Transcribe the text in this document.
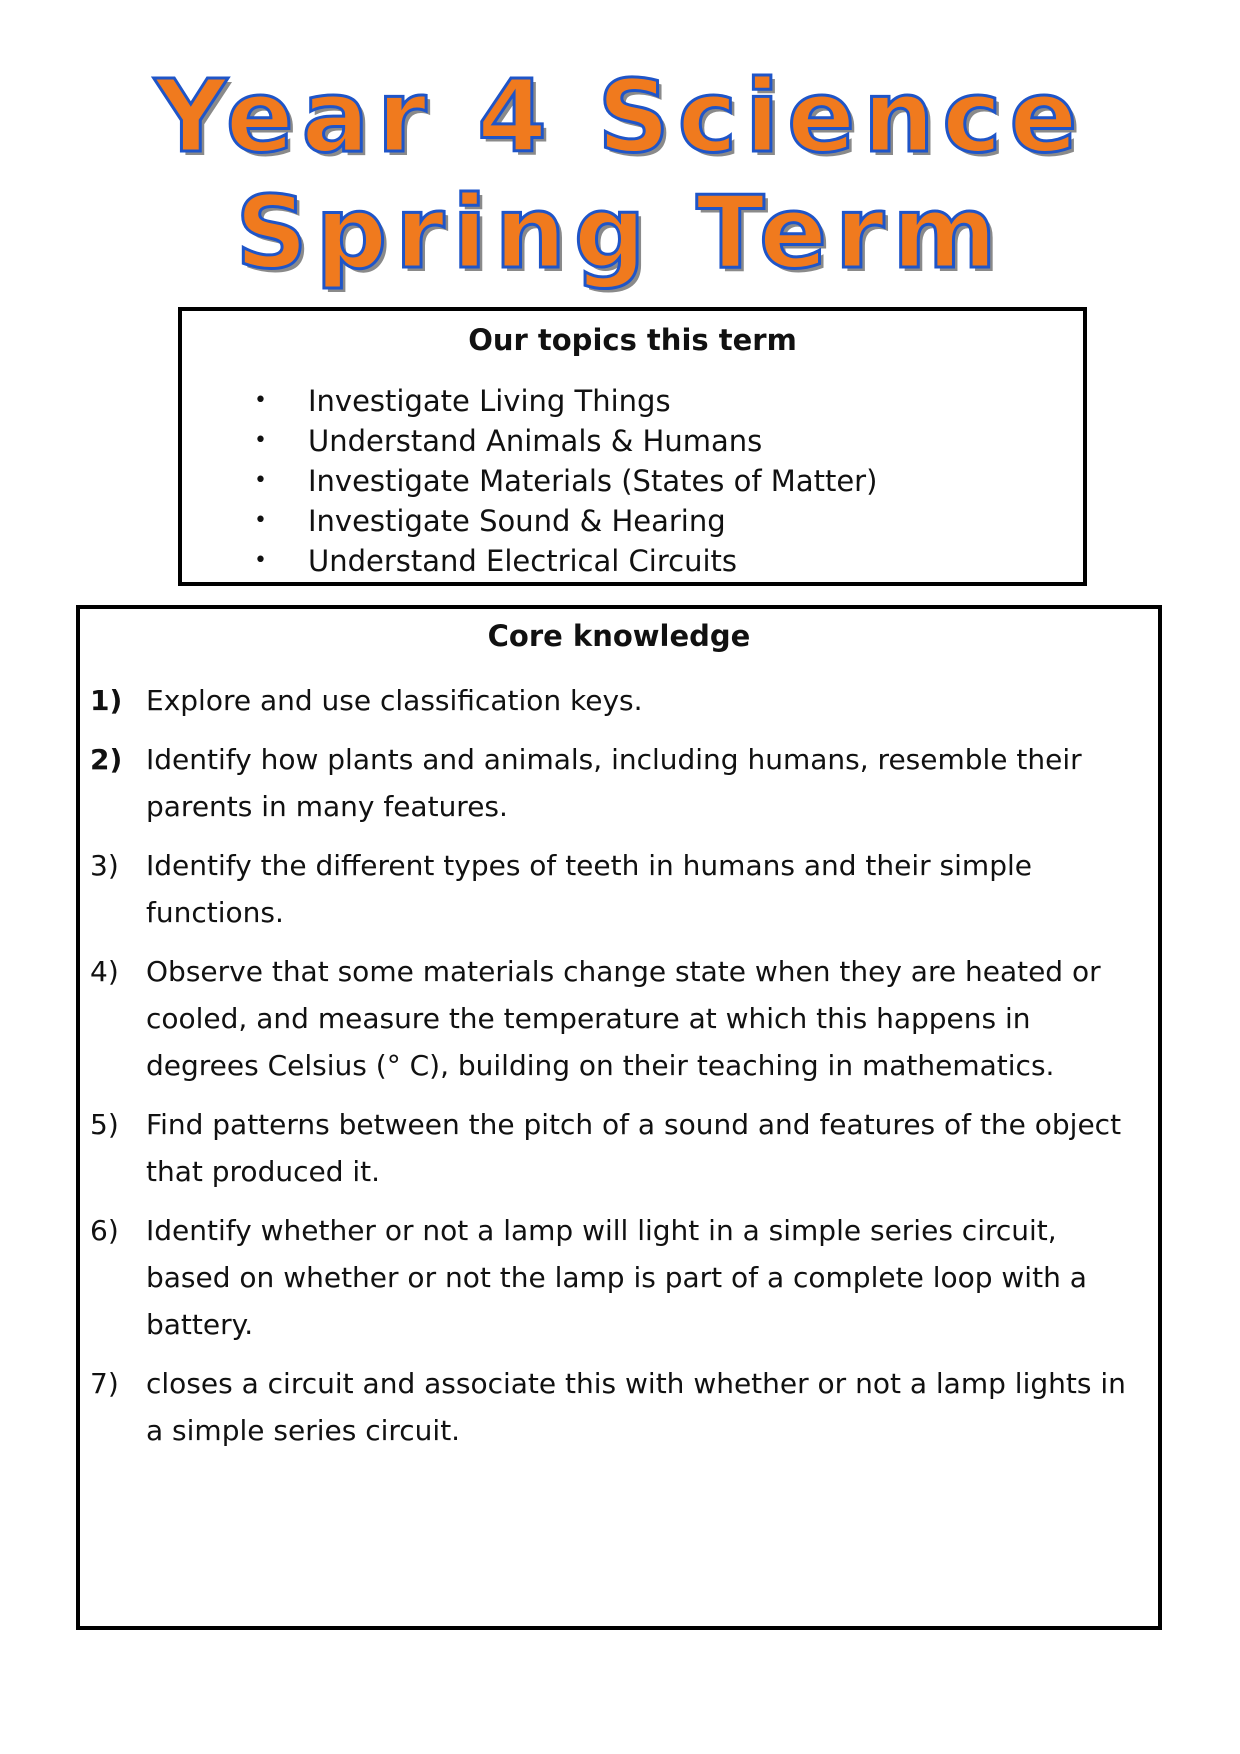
Year 4 Science
Spring Term
Our topics this term
• Investigate Living Things
• Understand Animals & Humans
• Investigate Materials (States of Matter)
• Investigate Sound & Hearing
• Understand Electrical Circuits
Core knowledge
1) Explore and use classification keys.
2) Identify how plants and animals, including humans, resemble their parents in many features.
3) Identify the different types of teeth in humans and their simple functions.
4) Observe that some materials change state when they are heated or cooled, and measure the temperature at which this happens in degrees Celsius (° C), building on their teaching in mathematics.
5) Find patterns between the pitch of a sound and features of the object that produced it.
6) Identify whether or not a lamp will light in a simple series circuit, based on whether or not the lamp is part of a complete loop with a battery.
7) closes a circuit and associate this with whether or not a lamp lights in a simple series circuit.
